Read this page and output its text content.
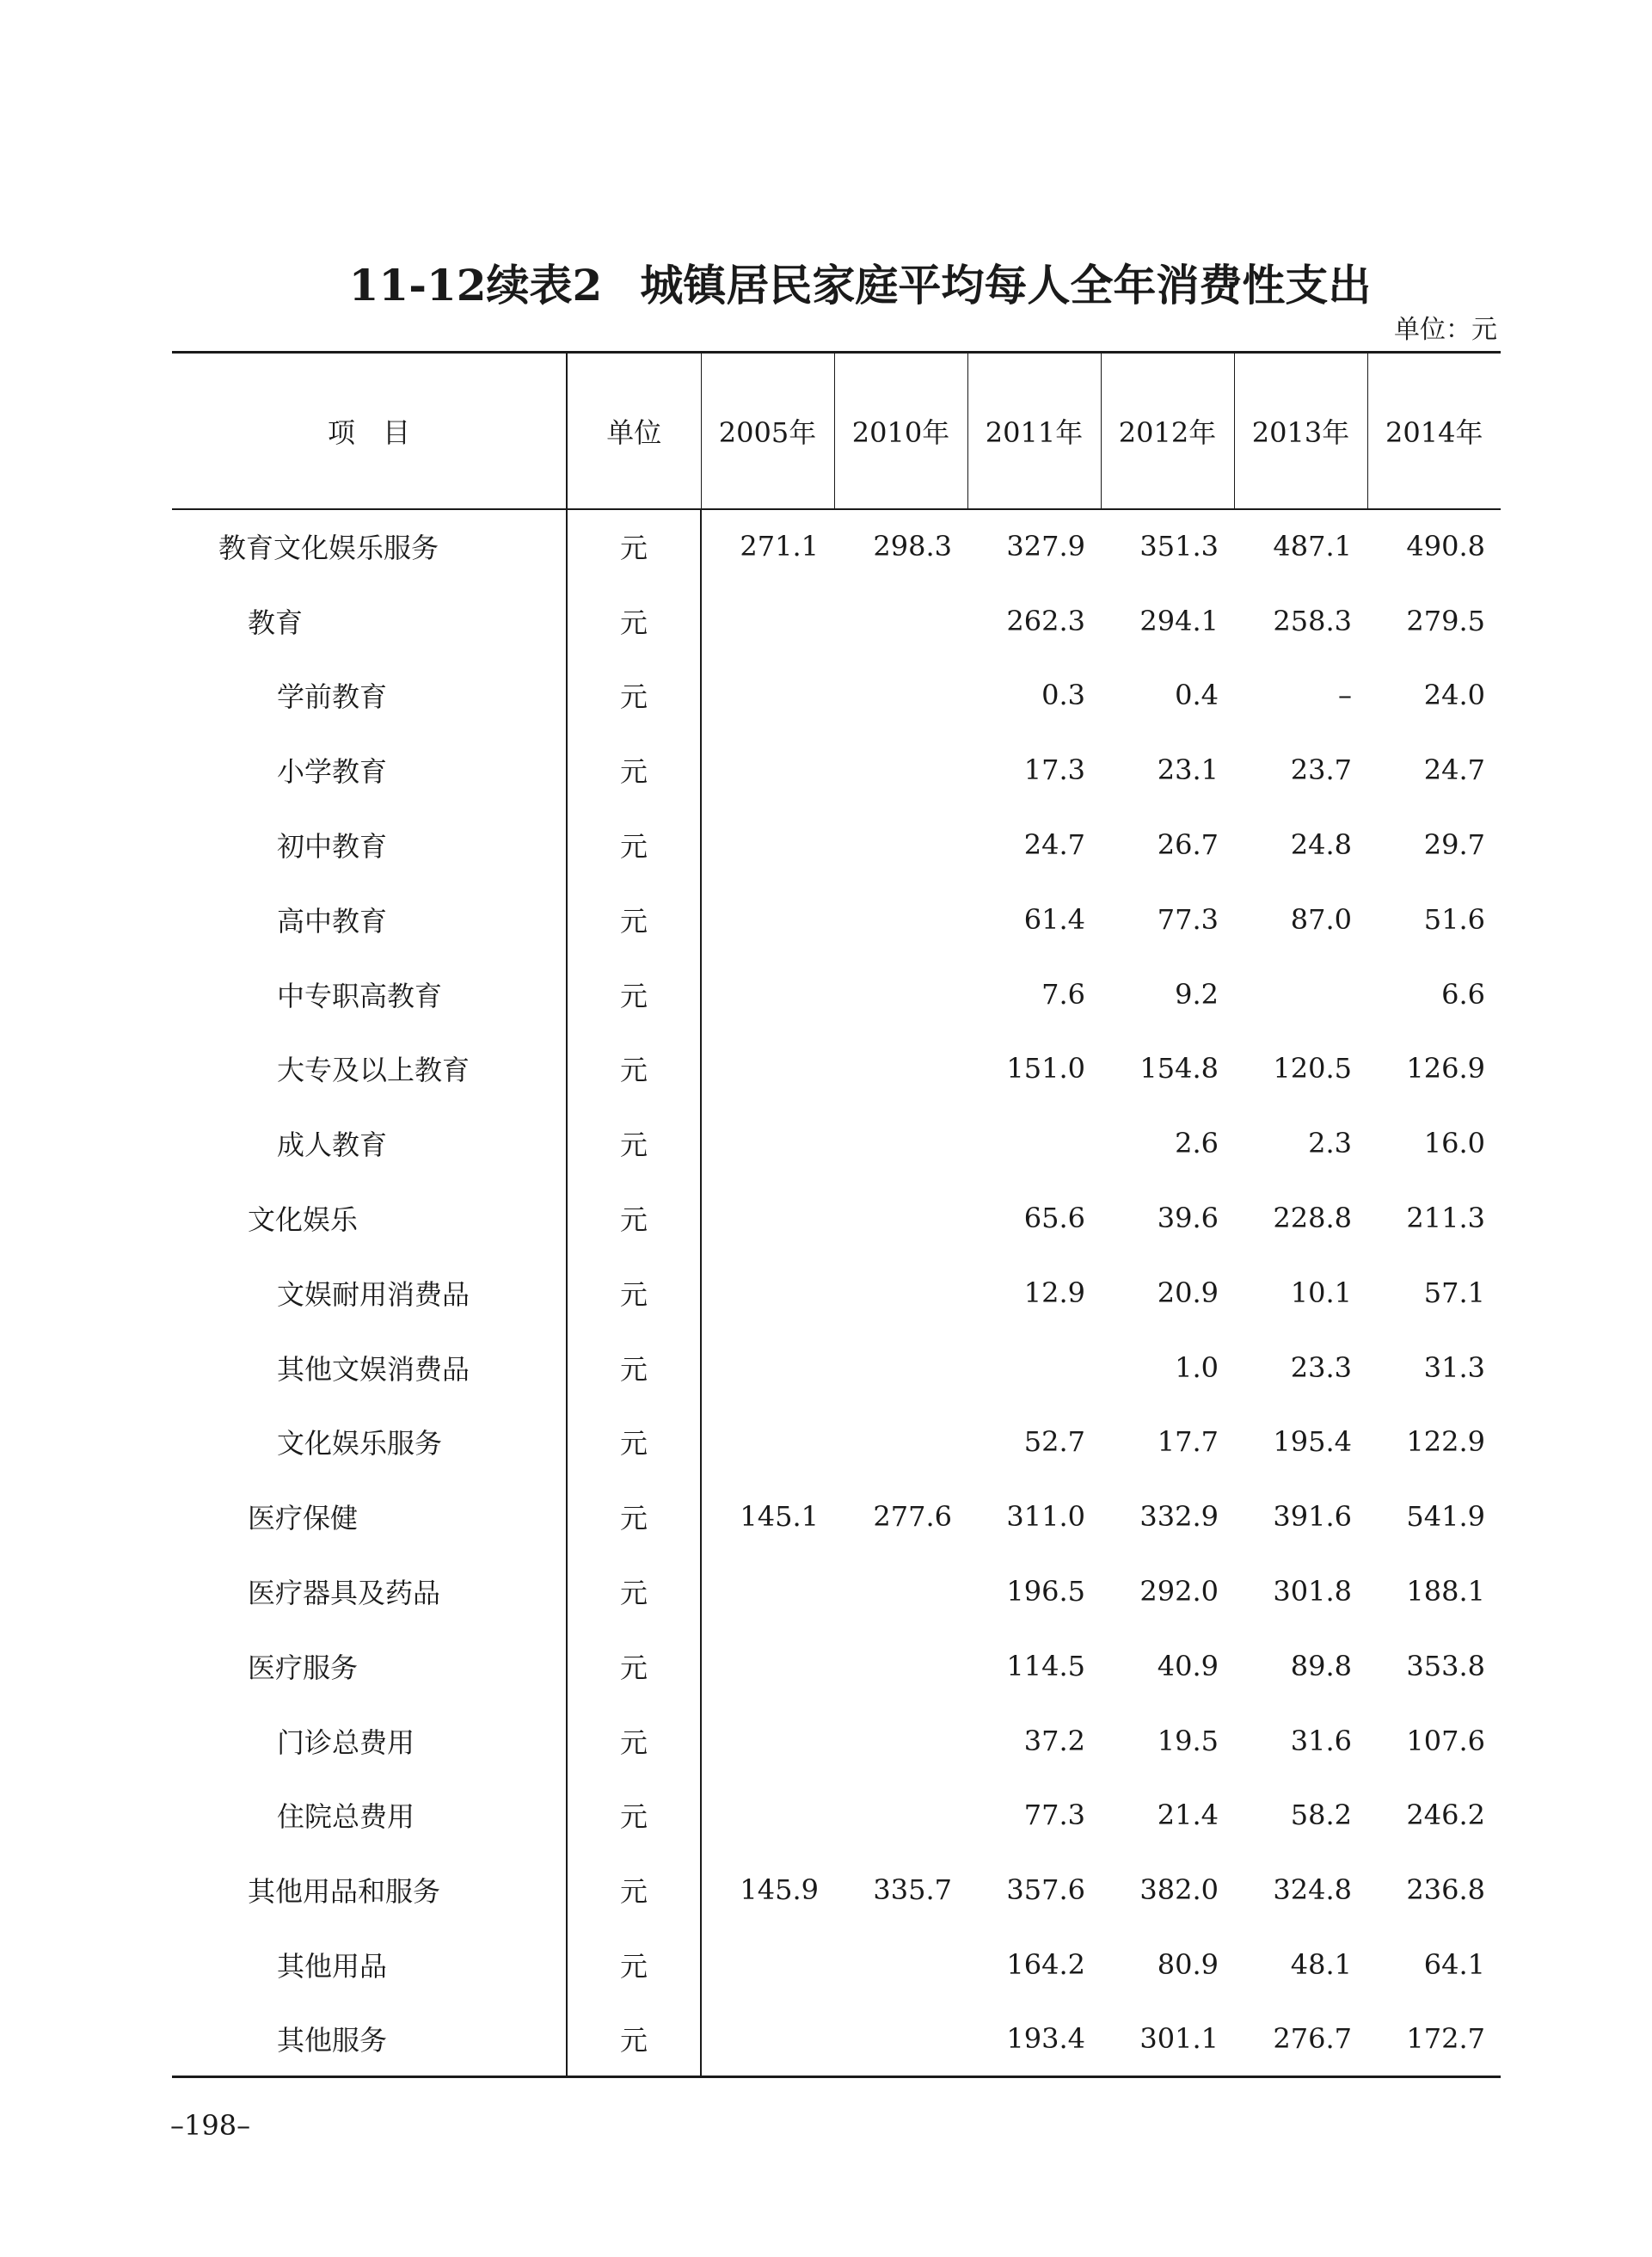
11-12续表2 城镇居民家庭平均每人全年消费性支出
单位：元
项　目	单位	2005年	2010年	2011年	2012年	2013年	2014年
教育文化娱乐服务	元	271.1	298.3	327.9	351.3	487.1	490.8
教育	元			262.3	294.1	258.3	279.5
学前教育	元			0.3	0.4	–	24.0
小学教育	元			17.3	23.1	23.7	24.7
初中教育	元			24.7	26.7	24.8	29.7
高中教育	元			61.4	77.3	87.0	51.6
中专职高教育	元			7.6	9.2		6.6
大专及以上教育	元			151.0	154.8	120.5	126.9
成人教育	元				2.6	2.3	16.0
文化娱乐	元			65.6	39.6	228.8	211.3
文娱耐用消费品	元			12.9	20.9	10.1	57.1
其他文娱消费品	元				1.0	23.3	31.3
文化娱乐服务	元			52.7	17.7	195.4	122.9
医疗保健	元	145.1	277.6	311.0	332.9	391.6	541.9
医疗器具及药品	元			196.5	292.0	301.8	188.1
医疗服务	元			114.5	40.9	89.8	353.8
门诊总费用	元			37.2	19.5	31.6	107.6
住院总费用	元			77.3	21.4	58.2	246.2
其他用品和服务	元	145.9	335.7	357.6	382.0	324.8	236.8
其他用品	元			164.2	80.9	48.1	64.1
其他服务	元			193.4	301.1	276.7	172.7
–198–
